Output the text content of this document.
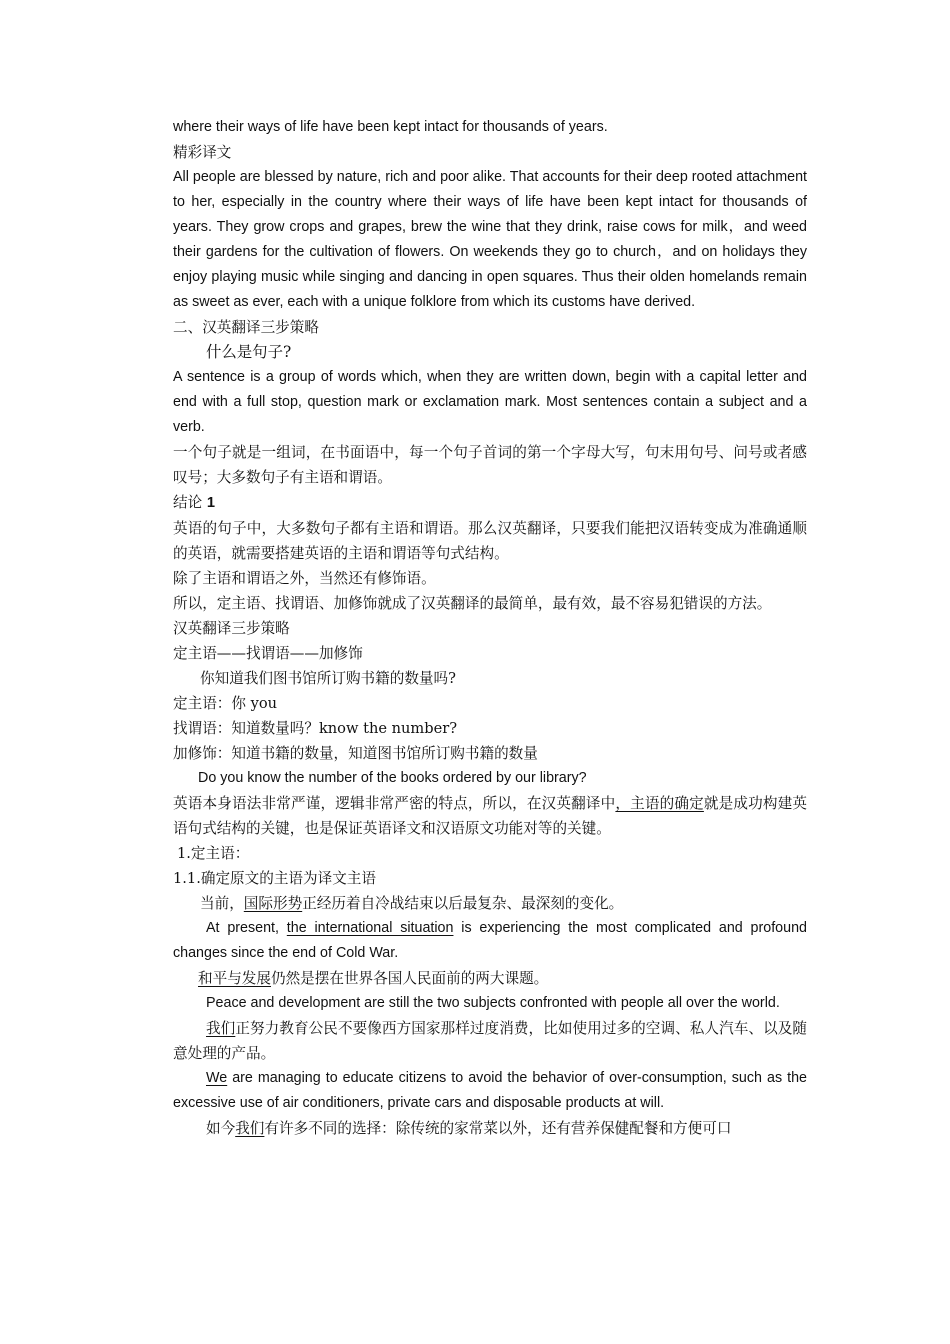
where their ways of life have been kept intact for thousands of years.

精彩译文

All people are blessed by nature, rich and poor alike. That accounts for their deep rooted attachment to her, especially in the country where their ways of life have been kept intact for thousands of years. They grow crops and grapes, brew the wine that they drink, raise cows for milk，and weed their gardens for the cultivation of flowers. On weekends they go to church，and on holidays they enjoy playing music while singing and dancing in open squares. Thus their olden homelands remain as sweet as ever, each with a unique folklore from which its customs have derived.

二、汉英翻译三步策略

什么是句子?

A sentence is a group of words which, when they are written down, begin with a capital letter and end with a full stop, question mark or exclamation mark. Most sentences contain a subject and a verb.

一个句子就是一组词，在书面语中，每一个句子首词的第一个字母大写，句末用句号、问号或者感叹号；大多数句子有主语和谓语。

结论 1

英语的句子中，大多数句子都有主语和谓语。那么汉英翻译，只要我们能把汉语转变成为准确通顺的英语，就需要搭建英语的主语和谓语等句式结构。

除了主语和谓语之外，当然还有修饰语。

所以，定主语、找谓语、加修饰就成了汉英翻译的最简单，最有效，最不容易犯错误的方法。

汉英翻译三步策略

定主语——找谓语——加修饰

你知道我们图书馆所订购书籍的数量吗?

定主语：你 you

找谓语：知道数量吗？know the number?

加修饰：知道书籍的数量，知道图书馆所订购书籍的数量

Do you know the number of the books ordered by our library?

英语本身语法非常严谨，逻辑非常严密的特点，所以，在汉英翻译中，主语的确定就是成功构建英语句式结构的关键，也是保证英语译文和汉语原文功能对等的关键。

1.定主语：

1.1.确定原文的主语为译文主语

当前，国际形势正经历着自冷战结束以后最复杂、最深刻的变化。

At present, the international situation is experiencing the most complicated and profound changes since the end of Cold War.

和平与发展仍然是摆在世界各国人民面前的两大课题。

Peace and development are still the two subjects confronted with people all over the world.

我们正努力教育公民不要像西方国家那样过度消费，比如使用过多的空调、私人汽车、以及随意处理的产品。

We are managing to educate citizens to avoid the behavior of over-consumption, such as the excessive use of air conditioners, private cars and disposable products at will.

如今我们有许多不同的选择：除传统的家常菜以外，还有营养保健配餐和方便可口
